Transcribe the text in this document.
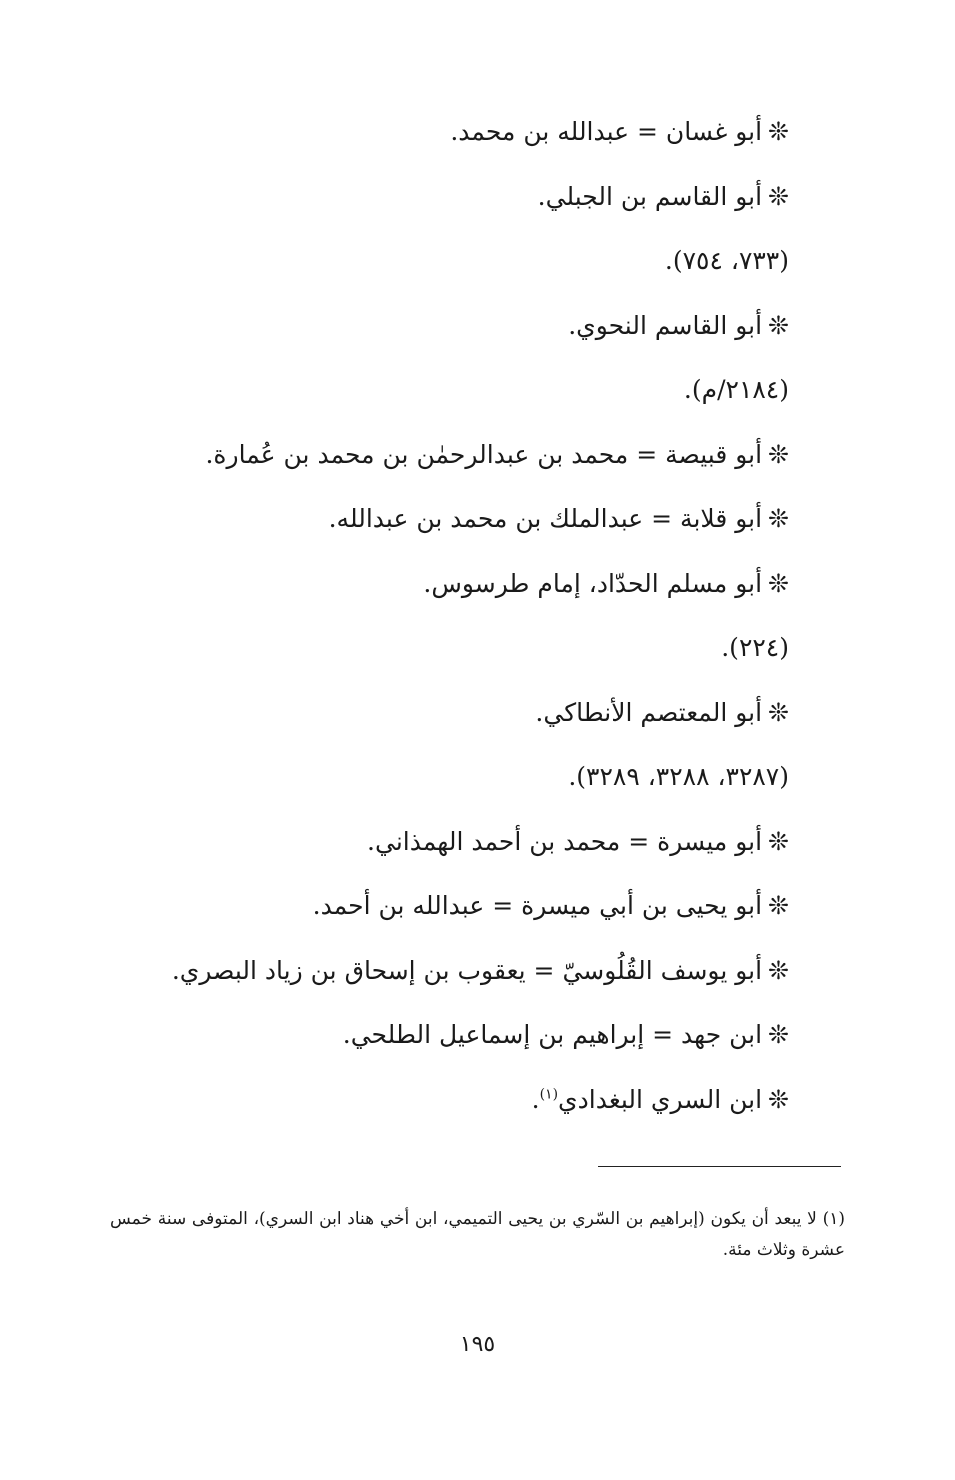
❊أبو غسان = عبدالله بن محمد.
❊أبو القاسم بن الجبلي.
(٧٣٣، ٧٥٤).
❊أبو القاسم النحوي.
(٢١٨٤/م).
❊أبو قبيصة = محمد بن عبدالرحمٰن بن محمد بن عُمارة.
❊أبو قلابة = عبدالملك بن محمد بن عبدالله.
❊أبو مسلم الحدّاد، إمام طرسوس.
(٢٢٤).
❊أبو المعتصم الأنطاكي.
(٣٢٨٧، ٣٢٨٨، ٣٢٨٩).
❊أبو ميسرة = محمد بن أحمد الهمذاني.
❊أبو يحيى بن أبي ميسرة = عبدالله بن أحمد.
❊أبو يوسف القُلُوسيّ = يعقوب بن إسحاق بن زياد البصري.
❊ابن جهد = إبراهيم بن إسماعيل الطلحي.
❊ابن السري البغدادي$^{(١)}$.

(١) لا يبعد أن يكون (إبراهيم بن السّري بن يحيى التميمي، ابن أخي هناد ابن السري)، المتوفى سنة خمس عشرة وثلاث مئة.

١٩٥
